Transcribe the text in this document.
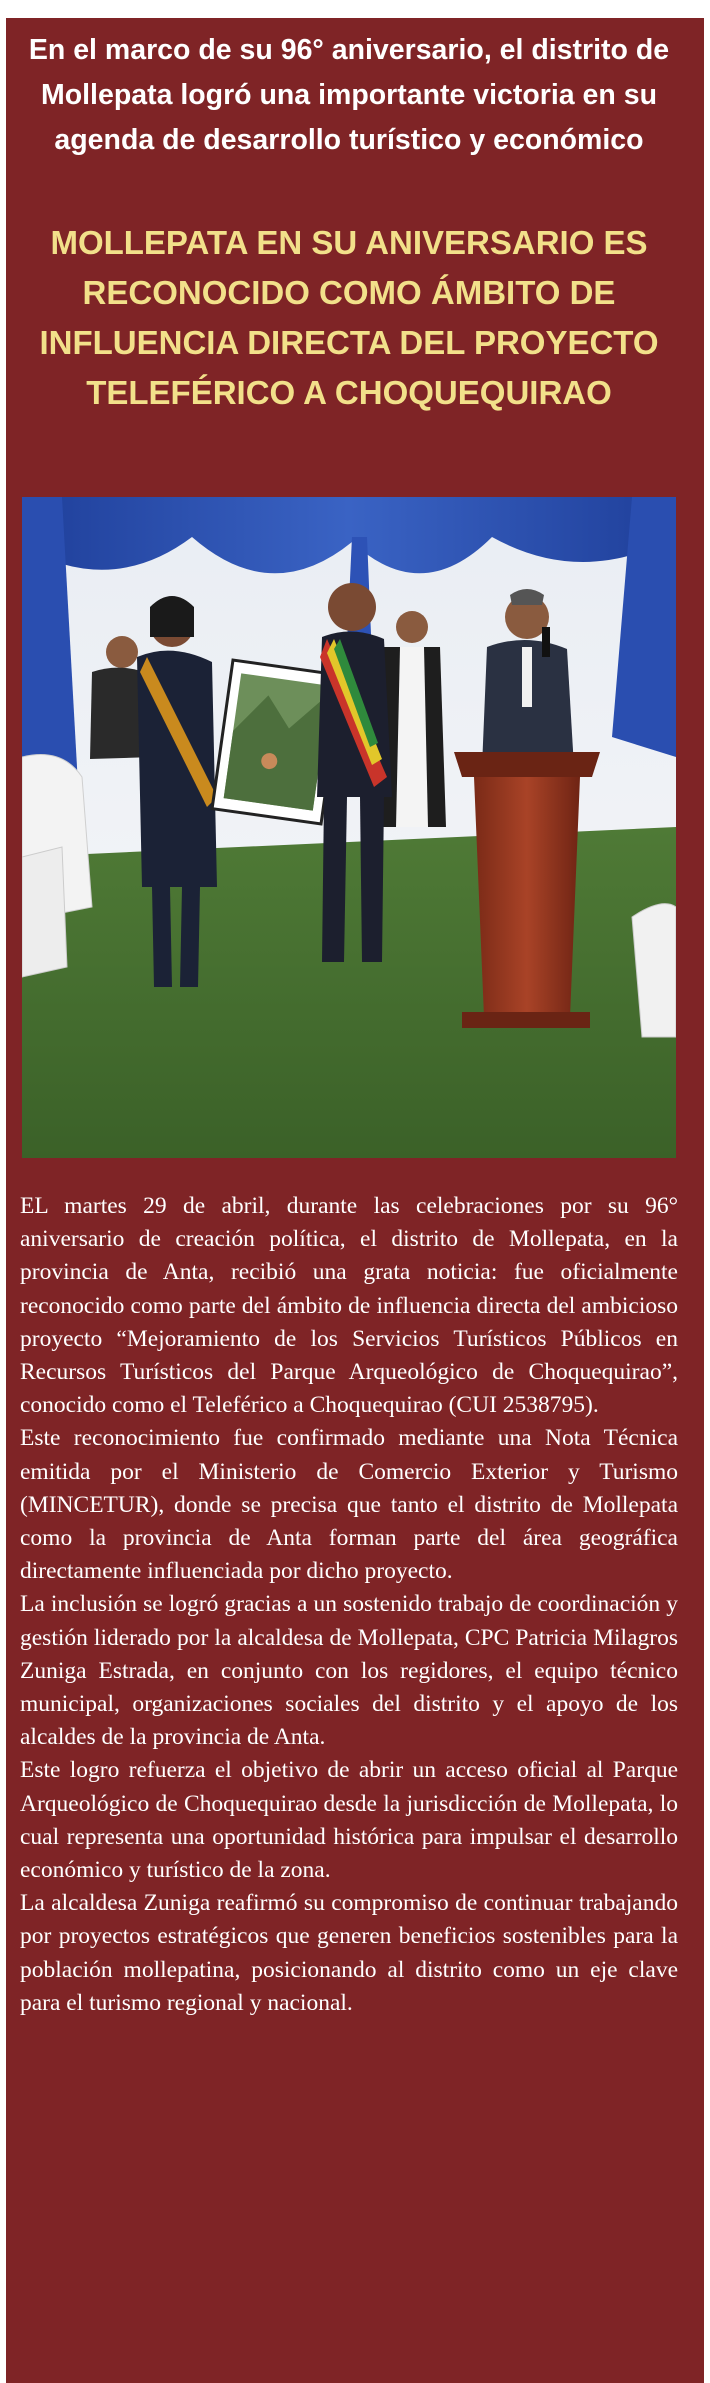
En el marco de su 96° aniversario, el distrito de Mollepata logró una importante victoria en su agenda de desarrollo turístico y económico
MOLLEPATA EN SU ANIVERSARIO ES RECONOCIDO COMO ÁMBITO DE INFLUENCIA DIRECTA DEL PROYECTO TELEFÉRICO A CHOQUEQUIRAO

EL martes 29 de abril, durante las celebraciones por su 96° aniversario de creación política, el distrito de Mollepata, en la provincia de Anta, recibió una grata noticia: fue oficialmente reconocido como parte del ámbito de influencia directa del ambicioso proyecto “Mejoramiento de los Servicios Turísticos Públicos en Recursos Turísticos del Parque Arqueológico de Choquequirao”, conocido como el Teleférico a Choquequirao (CUI 2538795).

Este reconocimiento fue confirmado mediante una Nota Técnica emitida por el Ministerio de Comercio Exterior y Turismo (MINCETUR), donde se precisa que tanto el distrito de Mollepata como la provincia de Anta forman parte del área geográfica directamente influenciada por dicho proyecto.

La inclusión se logró gracias a un sostenido trabajo de coordinación y gestión liderado por la alcaldesa de Mollepata, CPC Patricia Milagros Zuniga Estrada, en conjunto con los regidores, el equipo técnico municipal, organizaciones sociales del distrito y el apoyo de los alcaldes de la provincia de Anta.

Este logro refuerza el objetivo de abrir un acceso oficial al Parque Arqueológico de Choquequirao desde la jurisdicción de Mollepata, lo cual representa una oportunidad histórica para impulsar el desarrollo económico y turístico de la zona.

La alcaldesa Zuniga reafirmó su compromiso de continuar trabajando por proyectos estratégicos que generen beneficios sostenibles para la población mollepatina, posicionando al distrito como un eje clave para el turismo regional y nacional.
